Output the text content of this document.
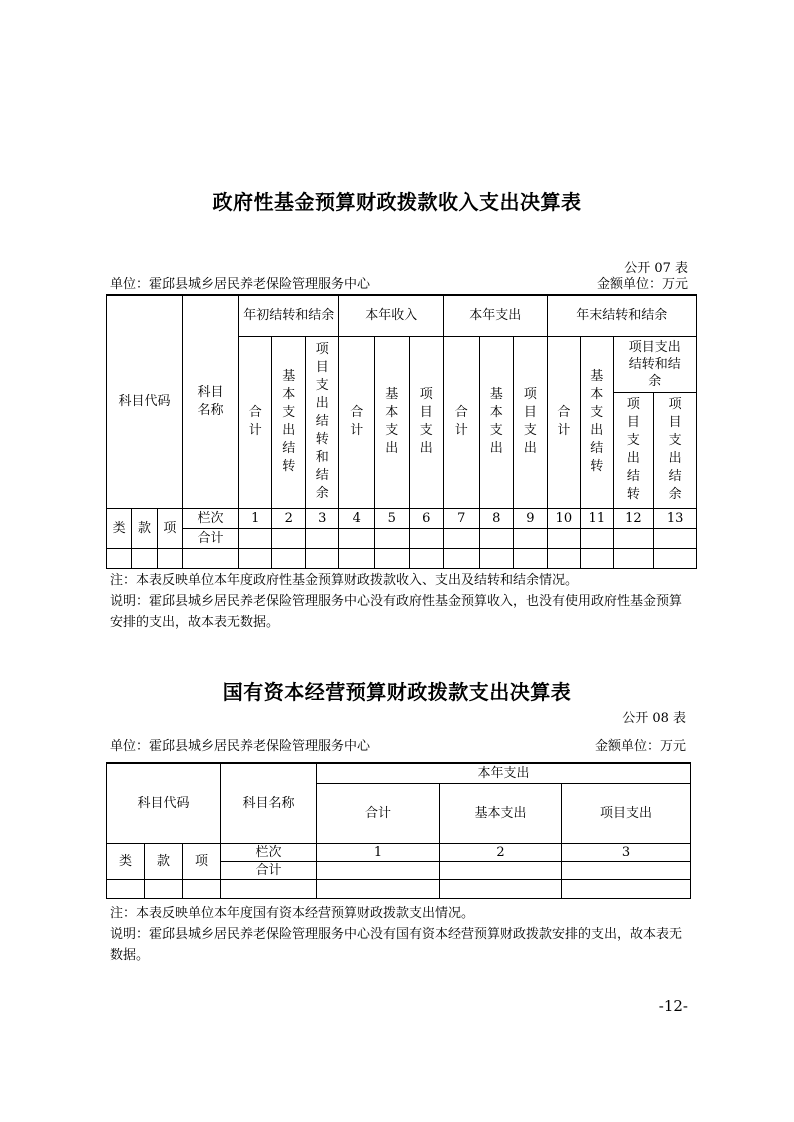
政府性基金预算财政拨款收入支出决算表
公开 07 表
单位：霍邱县城乡居民养老保险管理服务中心	金额单位：万元
科目代码			科目名称	年初结转和结余			本年收入			本年支出			年末结转和结余			
				合计	基本支出结转	项目支出结转和结余	合计	基本支出	项目支出	合计	基本支出	项目支出	合计	基本支出结转	项目支出结转和结余	
															项目支出结转	项目支出结余
类	款	项	栏次	1	2	3	4	5	6	7	8	9	10	11	12	13
			合计													

注：本表反映单位本年度政府性基金预算财政拨款收入、支出及结转和结余情况。
说明：霍邱县城乡居民养老保险管理服务中心没有政府性基金预算收入，也没有使用政府性基金预算安排的支出，故本表无数据。
国有资本经营预算财政拨款支出决算表
公开 08 表
单位：霍邱县城乡居民养老保险管理服务中心	金额单位：万元
科目代码			科目名称	本年支出		
				合计	基本支出	项目支出
类	款	项	栏次	1	2	3
			合计			

注：本表反映单位本年度国有资本经营预算财政拨款支出情况。
说明：霍邱县城乡居民养老保险管理服务中心没有国有资本经营预算财政拨款安排的支出，故本表无数据。
-12-
